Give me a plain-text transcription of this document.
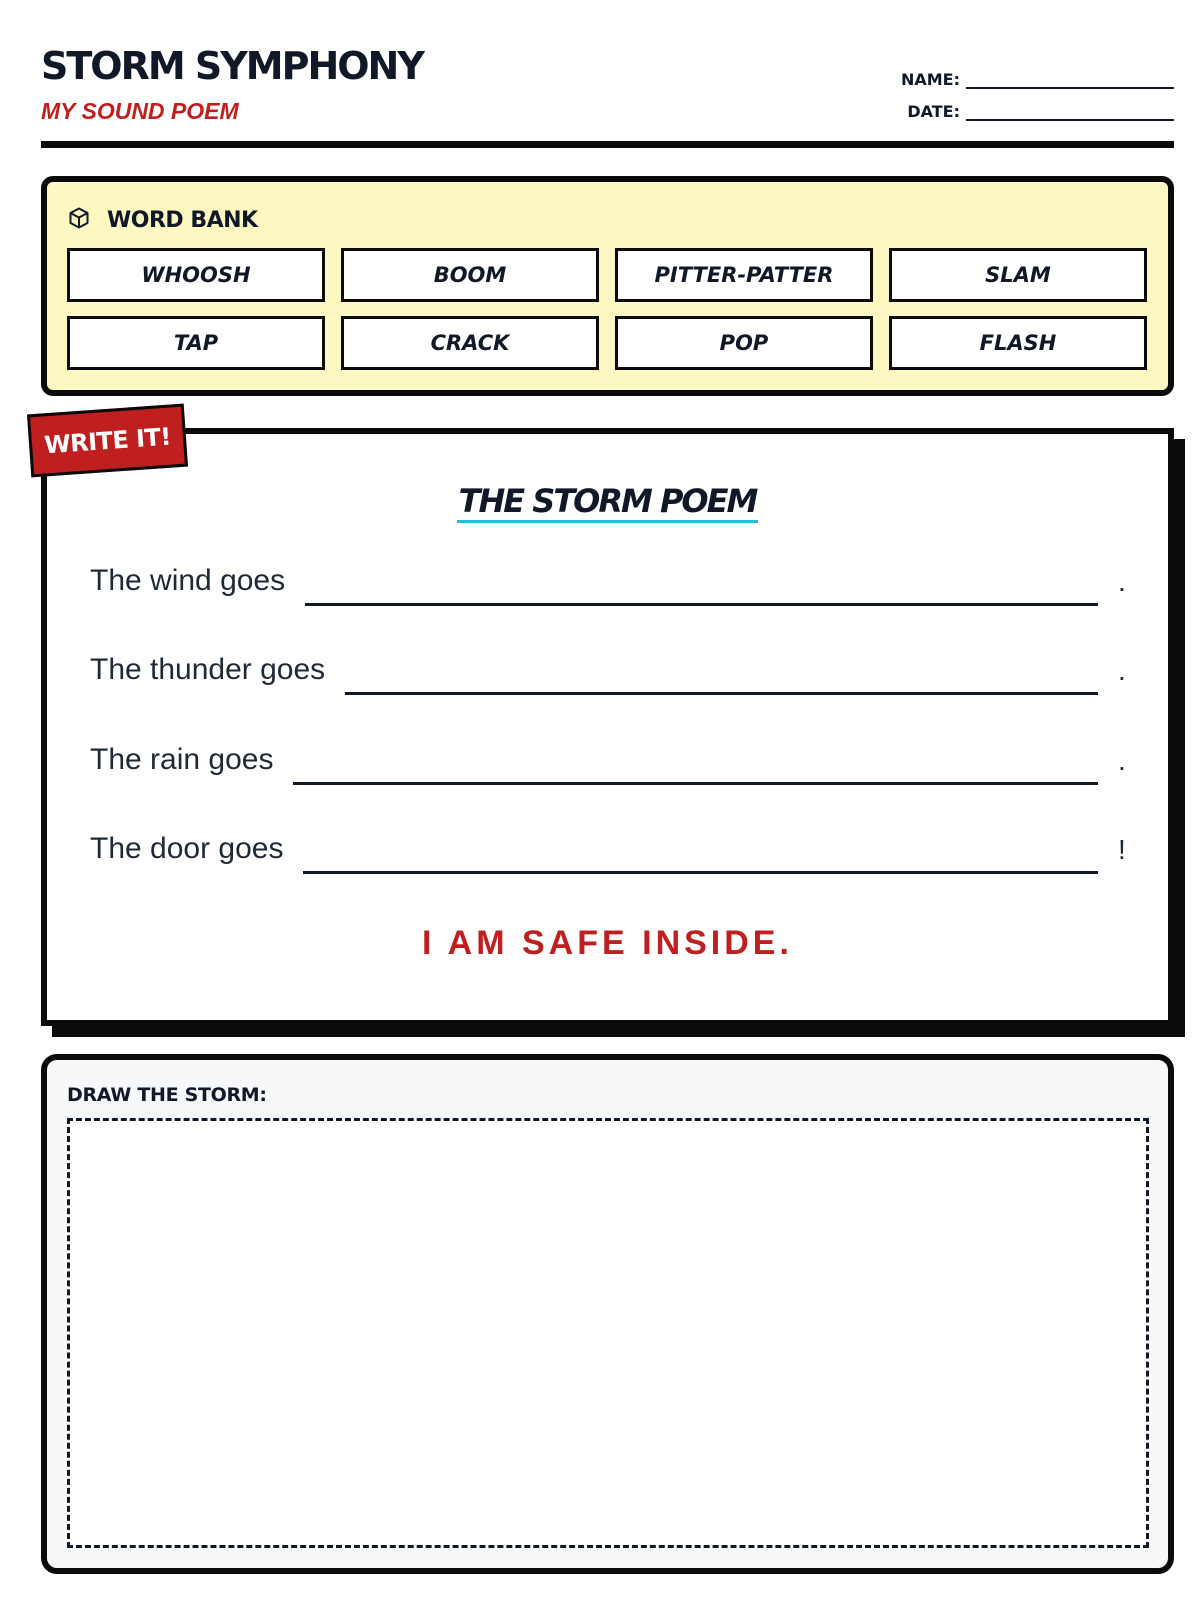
STORM SYMPHONY
MY SOUND POEM
NAME:
DATE:
WORD BANK
WHOOSH	BOOM	PITTER-PATTER	SLAM
TAP	CRACK	POP	FLASH
THE STORM POEM
The wind goes	.
The thunder goes	.
The rain goes	.
The door goes	!
I AM SAFE INSIDE.
WRITE IT!
DRAW THE STORM:
